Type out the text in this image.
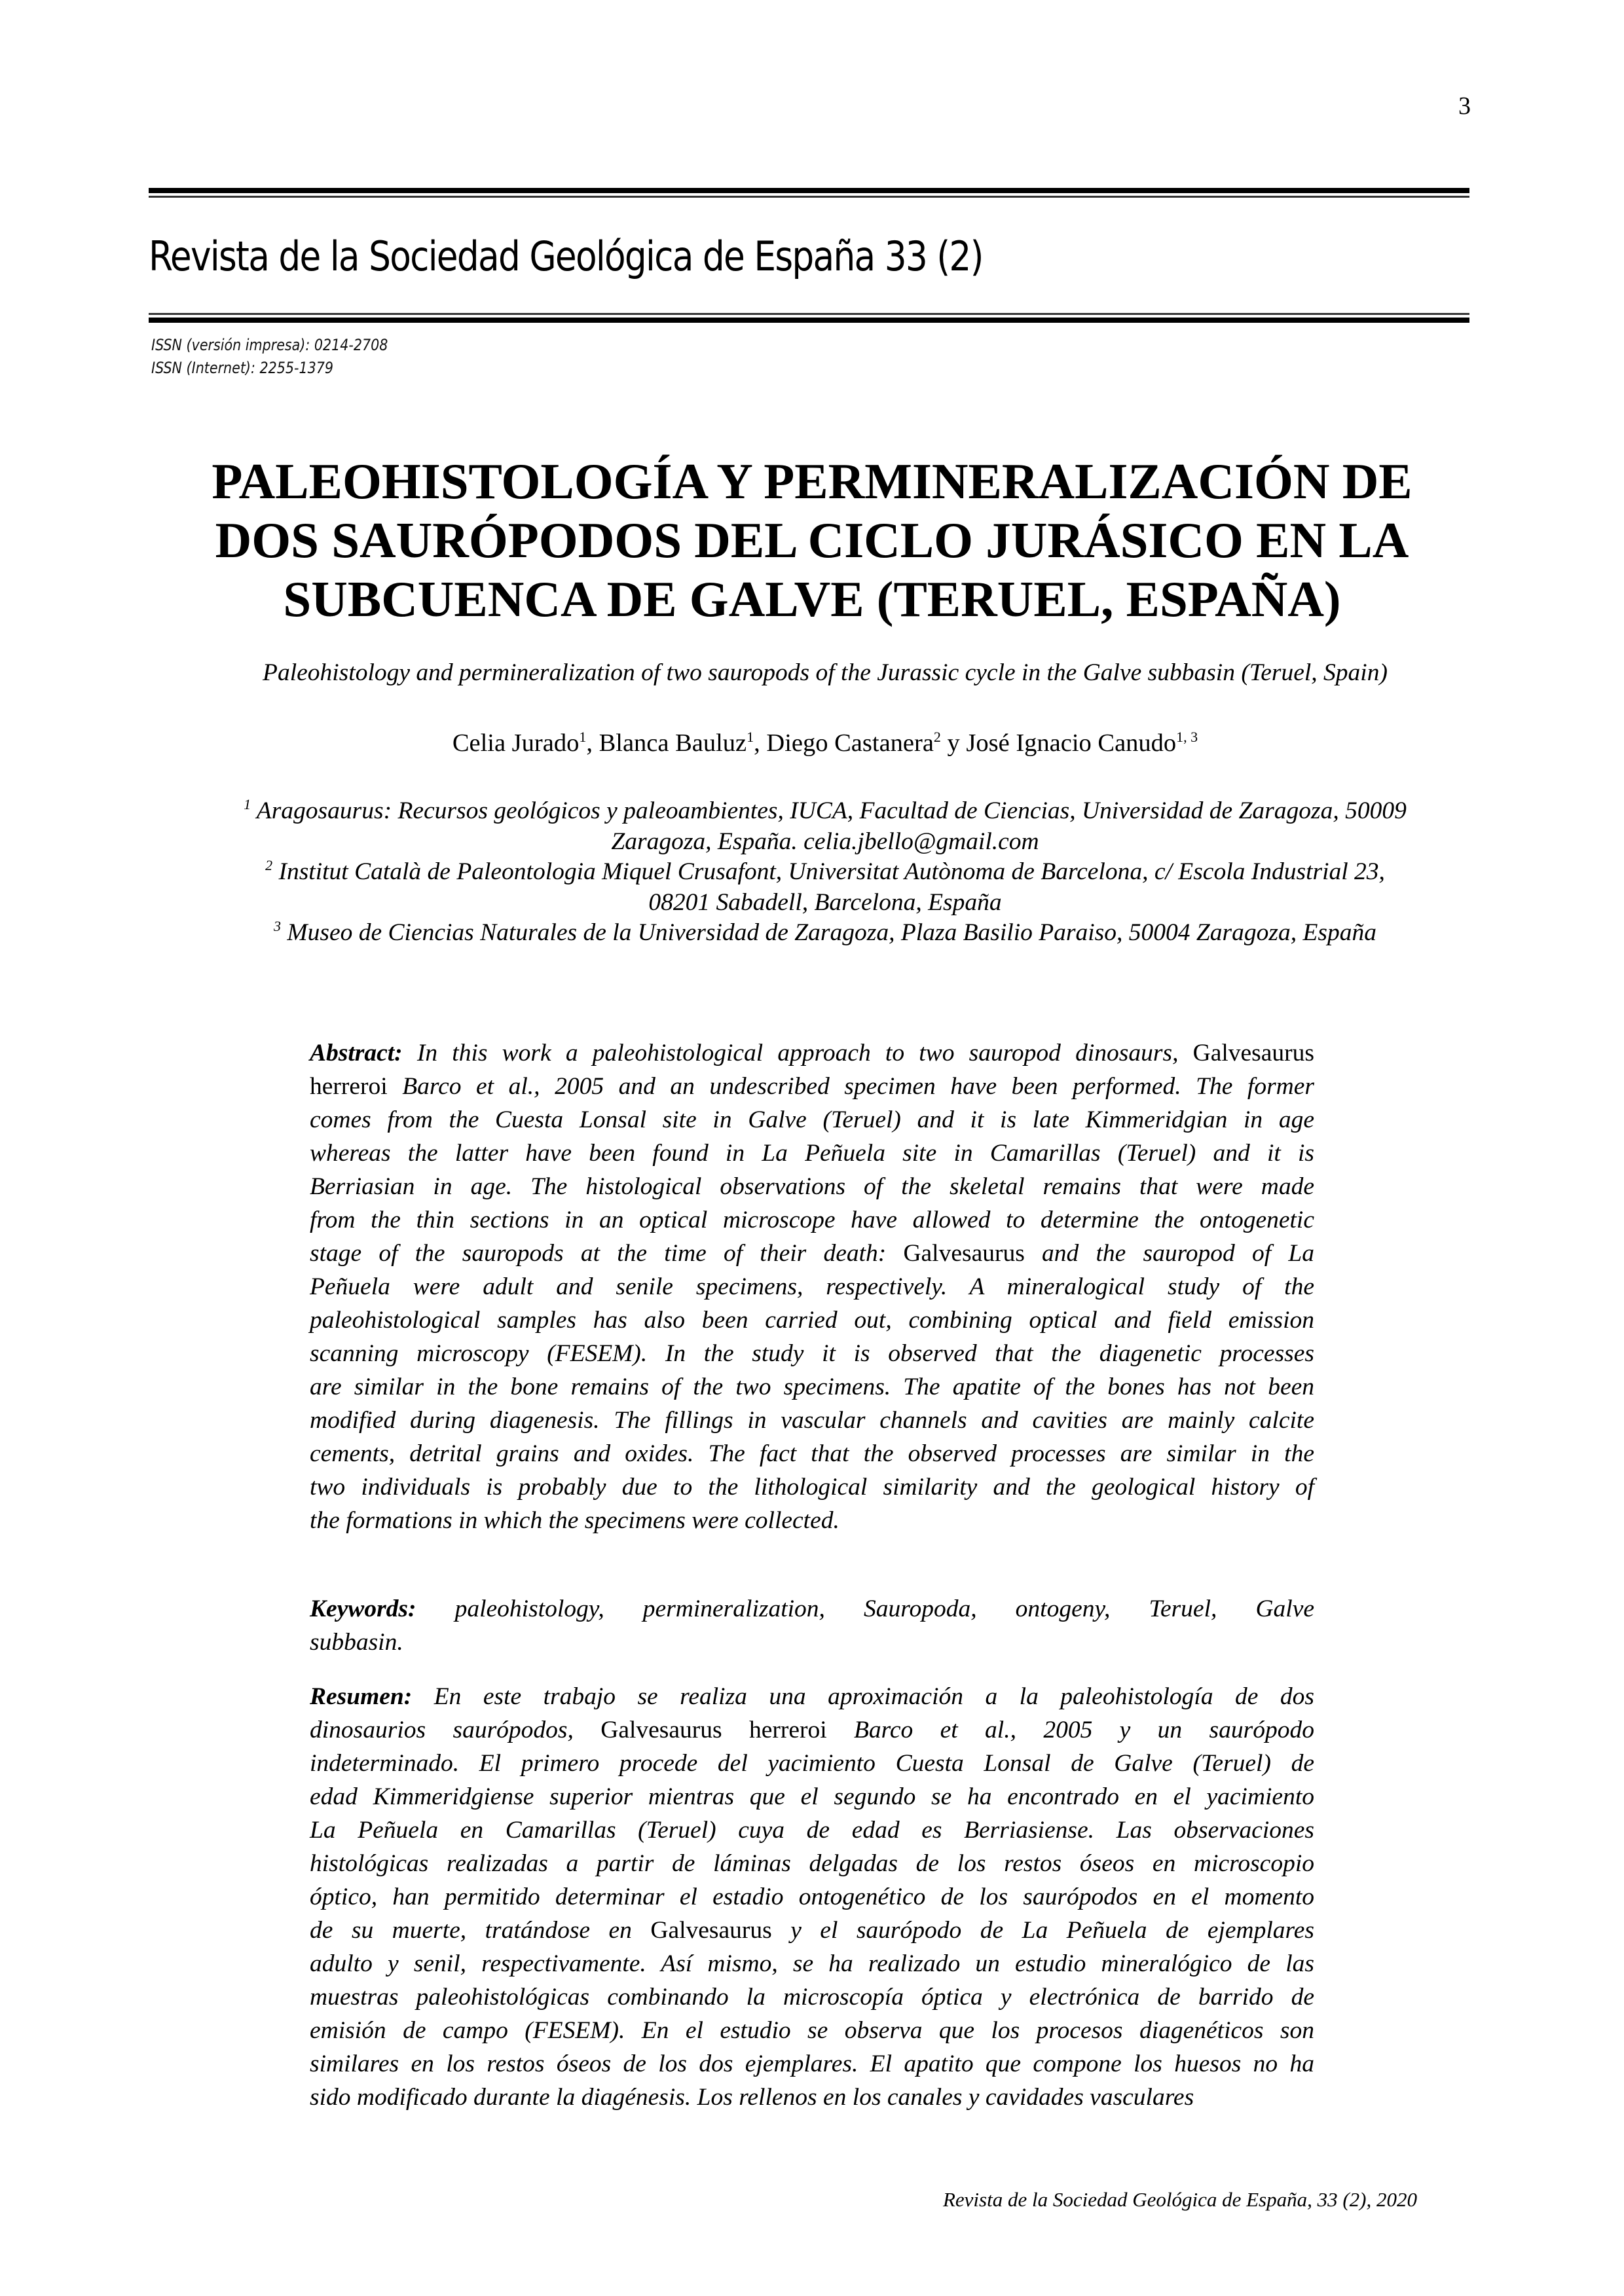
3
Revista de la Sociedad Geológica de España 33 (2)
ISSN (versión impresa): 0214-2708
ISSN (Internet): 2255-1379
PALEOHISTOLOGÍA Y PERMINERALIZACIÓN DE
DOS SAURÓPODOS DEL CICLO JURÁSICO EN LA
SUBCUENCA DE GALVE (TERUEL, ESPAÑA)
Paleohistology and permineralization of two sauropods of the Jurassic cycle in the Galve subbasin (Teruel, Spain)
Celia Jurado$^1$, Blanca Bauluz$^1$, Diego Castanera$^2$ y José Ignacio Canudo$^{1, 3}$
$^1$ Aragosaurus: Recursos geológicos y paleoambientes, IUCA, Facultad de Ciencias, Universidad de Zaragoza, 50009
Zaragoza, España. celia.jbello@gmail.com
$^2$ Institut Català de Paleontologia Miquel Crusafont, Universitat Autònoma de Barcelona, c/ Escola Industrial 23,
08201 Sabadell, Barcelona, España
$^3$ Museo de Ciencias Naturales de la Universidad de Zaragoza, Plaza Basilio Paraiso, 50004 Zaragoza, España
Abstract: In this work a paleohistological approach to two sauropod dinosaurs, Galvesaurus
herreroi Barco et al., 2005 and an undescribed specimen have been performed. The former
comes from the Cuesta Lonsal site in Galve (Teruel) and it is late Kimmeridgian in age
whereas the latter have been found in La Peñuela site in Camarillas (Teruel) and it is
Berriasian in age. The histological observations of the skeletal remains that were made
from the thin sections in an optical microscope have allowed to determine the ontogenetic
stage of the sauropods at the time of their death: Galvesaurus and the sauropod of La
Peñuela were adult and senile specimens, respectively. A mineralogical study of the
paleohistological samples has also been carried out, combining optical and field emission
scanning microscopy (FESEM). In the study it is observed that the diagenetic processes
are similar in the bone remains of the two specimens. The apatite of the bones has not been
modified during diagenesis. The fillings in vascular channels and cavities are mainly calcite
cements, detrital grains and oxides. The fact that the observed processes are similar in the
two individuals is probably due to the lithological similarity and the geological history of
the formations in which the specimens were collected.
Keywords: paleohistology, permineralization, Sauropoda, ontogeny, Teruel, Galve
subbasin.
Resumen: En este trabajo se realiza una aproximación a la paleohistología de dos
dinosaurios saurópodos, Galvesaurus herreroi Barco et al., 2005 y un saurópodo
indeterminado. El primero procede del yacimiento Cuesta Lonsal de Galve (Teruel) de
edad Kimmeridgiense superior mientras que el segundo se ha encontrado en el yacimiento
La Peñuela en Camarillas (Teruel) cuya de edad es Berriasiense. Las observaciones
histológicas realizadas a partir de láminas delgadas de los restos óseos en microscopio
óptico, han permitido determinar el estadio ontogenético de los saurópodos en el momento
de su muerte, tratándose en Galvesaurus y el saurópodo de La Peñuela de ejemplares
adulto y senil, respectivamente. Así mismo, se ha realizado un estudio mineralógico de las
muestras paleohistológicas combinando la microscopía óptica y electrónica de barrido de
emisión de campo (FESEM). En el estudio se observa que los procesos diagenéticos son
similares en los restos óseos de los dos ejemplares. El apatito que compone los huesos no ha
sido modificado durante la diagénesis. Los rellenos en los canales y cavidades vasculares
Revista de la Sociedad Geológica de España, 33 (2), 2020
